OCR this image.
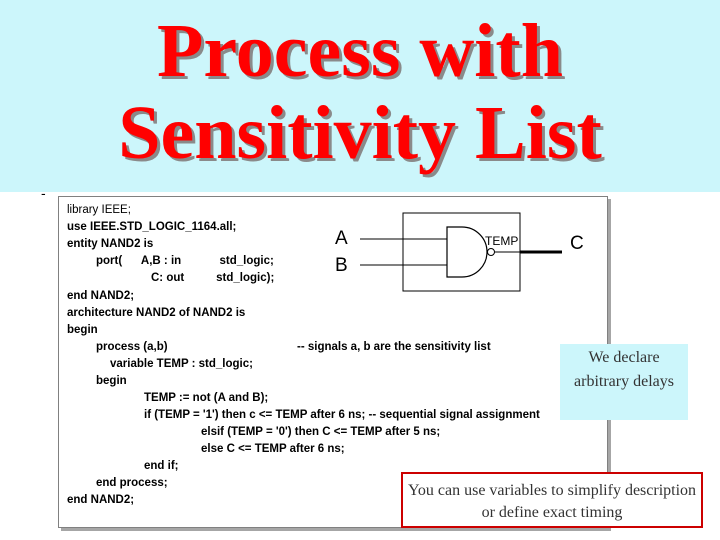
Process with
Sensitivity List
-
library IEEE;
use IEEE.STD_LOGIC_1164.all;
entity NAND2 is
port(      A,B : in            std_logic;
C: out          std_logic);
end NAND2;
architecture NAND2 of NAND2 is
begin
process (a,b)	-- signals a, b are the sensitivity list
variable TEMP : std_logic;
begin
TEMP := not (A and B);
if (TEMP = '1') then c <= TEMP after 6 ns; -- sequential signal assignment
elsif (TEMP = '0') then C <= TEMP after 5 ns;
else C <= TEMP after 6 ns;
end if;
end process;
end NAND2;
A
B
TEMP	C
We declare arbitrary delays
You can use variables to simplify description or define exact timing
